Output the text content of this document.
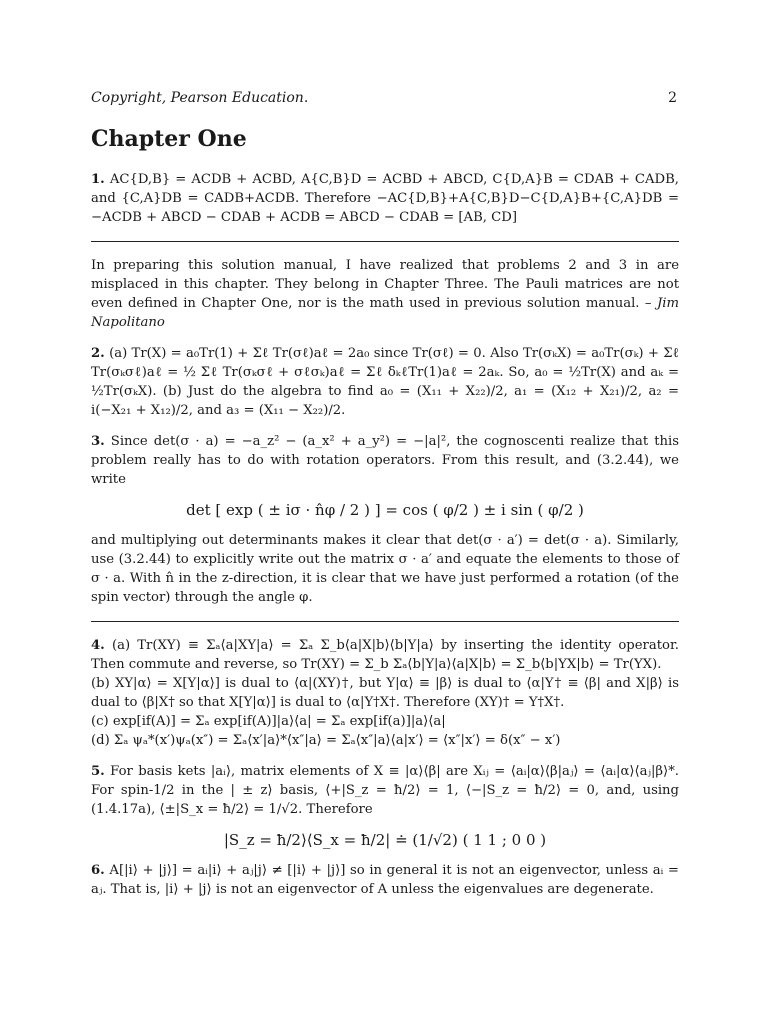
Copyright, Pearson Education.	2
Chapter One

1. AC{D,B} = ACDB + ACBD, A{C,B}D = ACBD + ABCD, C{D,A}B = CDAB + CADB, and {C,A}DB = CADB+ACDB. Therefore −AC{D,B}+A{C,B}D−C{D,A}B+{C,A}DB = −ACDB + ABCD − CDAB + ACDB = ABCD − CDAB = [AB, CD]

In preparing this solution manual, I have realized that problems 2 and 3 in are misplaced in this chapter. They belong in Chapter Three. The Pauli matrices are not even defined in Chapter One, nor is the math used in previous solution manual. – Jim Napolitano

2. (a) Tr(X) = a₀Tr(1) + Σℓ Tr(σℓ)aℓ = 2a₀ since Tr(σℓ) = 0. Also Tr(σₖX) = a₀Tr(σₖ) + Σℓ Tr(σₖσℓ)aℓ = ½ Σℓ Tr(σₖσℓ + σℓσₖ)aℓ = Σℓ δₖℓTr(1)aℓ = 2aₖ. So, a₀ = ½Tr(X) and aₖ = ½Tr(σₖX). (b) Just do the algebra to find a₀ = (X₁₁ + X₂₂)/2, a₁ = (X₁₂ + X₂₁)/2, a₂ = i(−X₂₁ + X₁₂)/2, and a₃ = (X₁₁ − X₂₂)/2.

3. Since det(σ · a) = −a_z² − (a_x² + a_y²) = −|a|², the cognoscenti realize that this problem really has to do with rotation operators. From this result, and (3.2.44), we write

det [ exp ( ± iσ · n̂φ / 2 ) ] = cos ( φ/2 ) ± i sin ( φ/2 )

and multiplying out determinants makes it clear that det(σ · a′) = det(σ · a). Similarly, use (3.2.44) to explicitly write out the matrix σ · a′ and equate the elements to those of σ · a. With n̂ in the z-direction, it is clear that we have just performed a rotation (of the spin vector) through the angle φ.

4. (a) Tr(XY) ≡ Σₐ⟨a|XY|a⟩ = Σₐ Σ_b⟨a|X|b⟩⟨b|Y|a⟩ by inserting the identity operator. Then commute and reverse, so Tr(XY) = Σ_b Σₐ⟨b|Y|a⟩⟨a|X|b⟩ = Σ_b⟨b|YX|b⟩ = Tr(YX).
(b) XY|α⟩ = X[Y|α⟩] is dual to ⟨α|(XY)†, but Y|α⟩ ≡ |β⟩ is dual to ⟨α|Y† ≡ ⟨β| and X|β⟩ is dual to ⟨β|X† so that X[Y|α⟩] is dual to ⟨α|Y†X†. Therefore (XY)† = Y†X†.
(c) exp[if(A)] = Σₐ exp[if(A)]|a⟩⟨a| = Σₐ exp[if(a)]|a⟩⟨a|
(d) Σₐ ψₐ*(x′)ψₐ(x″) = Σₐ⟨x′|a⟩*⟨x″|a⟩ = Σₐ⟨x″|a⟩⟨a|x′⟩ = ⟨x″|x′⟩ = δ(x″ − x′)

5. For basis kets |aᵢ⟩, matrix elements of X ≡ |α⟩⟨β| are Xᵢⱼ = ⟨aᵢ|α⟩⟨β|aⱼ⟩ = ⟨aᵢ|α⟩⟨aⱼ|β⟩*. For spin-1/2 in the | ± z⟩ basis, ⟨+|S_z = ħ/2⟩ = 1, ⟨−|S_z = ħ/2⟩ = 0, and, using (1.4.17a), ⟨±|S_x = ħ/2⟩ = 1/√2. Therefore

|S_z = ħ/2⟩⟨S_x = ħ/2| ≐ (1/√2) ( 1 1 ; 0 0 )

6. A[|i⟩ + |j⟩] = aᵢ|i⟩ + aⱼ|j⟩ ≠ [|i⟩ + |j⟩] so in general it is not an eigenvector, unless aᵢ = aⱼ. That is, |i⟩ + |j⟩ is not an eigenvector of A unless the eigenvalues are degenerate.
